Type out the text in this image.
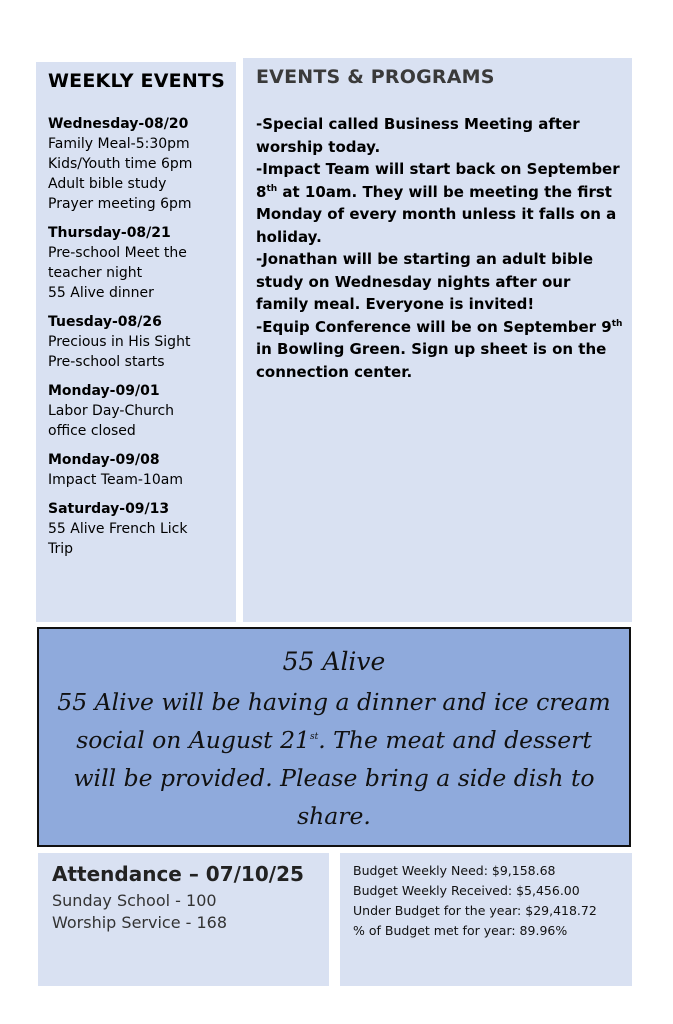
WEEKLY EVENTS
Wednesday-08/20
Family Meal-5:30pm
Kids/Youth time 6pm
Adult bible study
Prayer meeting 6pm
Thursday-08/21
Pre-school Meet the
teacher night
55 Alive dinner
Tuesday-08/26
Precious in His Sight
Pre-school starts
Monday-09/01
Labor Day-Church
office closed
Monday-09/08
Impact Team-10am
Saturday-09/13
55 Alive French Lick
Trip
EVENTS & PROGRAMS

-Special called Business Meeting after worship today.

-Impact Team will start back on September 8th at 10am. They will be meeting the first Monday of every month unless it falls on a holiday.

-Jonathan will be starting an adult bible study on Wednesday nights after our family meal. Everyone is invited!

-Equip Conference will be on September 9th in Bowling Green. Sign up sheet is on the connection center.

55 Alive
55 Alive will be having a dinner and ice cream social on August 21st. The meat and dessert will be provided. Please bring a side dish to share.
Attendance – 07/10/25
Sunday School - 100
Worship Service - 168
Budget Weekly Need: $9,158.68
Budget Weekly Received: $5,456.00
Under Budget for the year: $29,418.72
% of Budget met for year: 89.96%
